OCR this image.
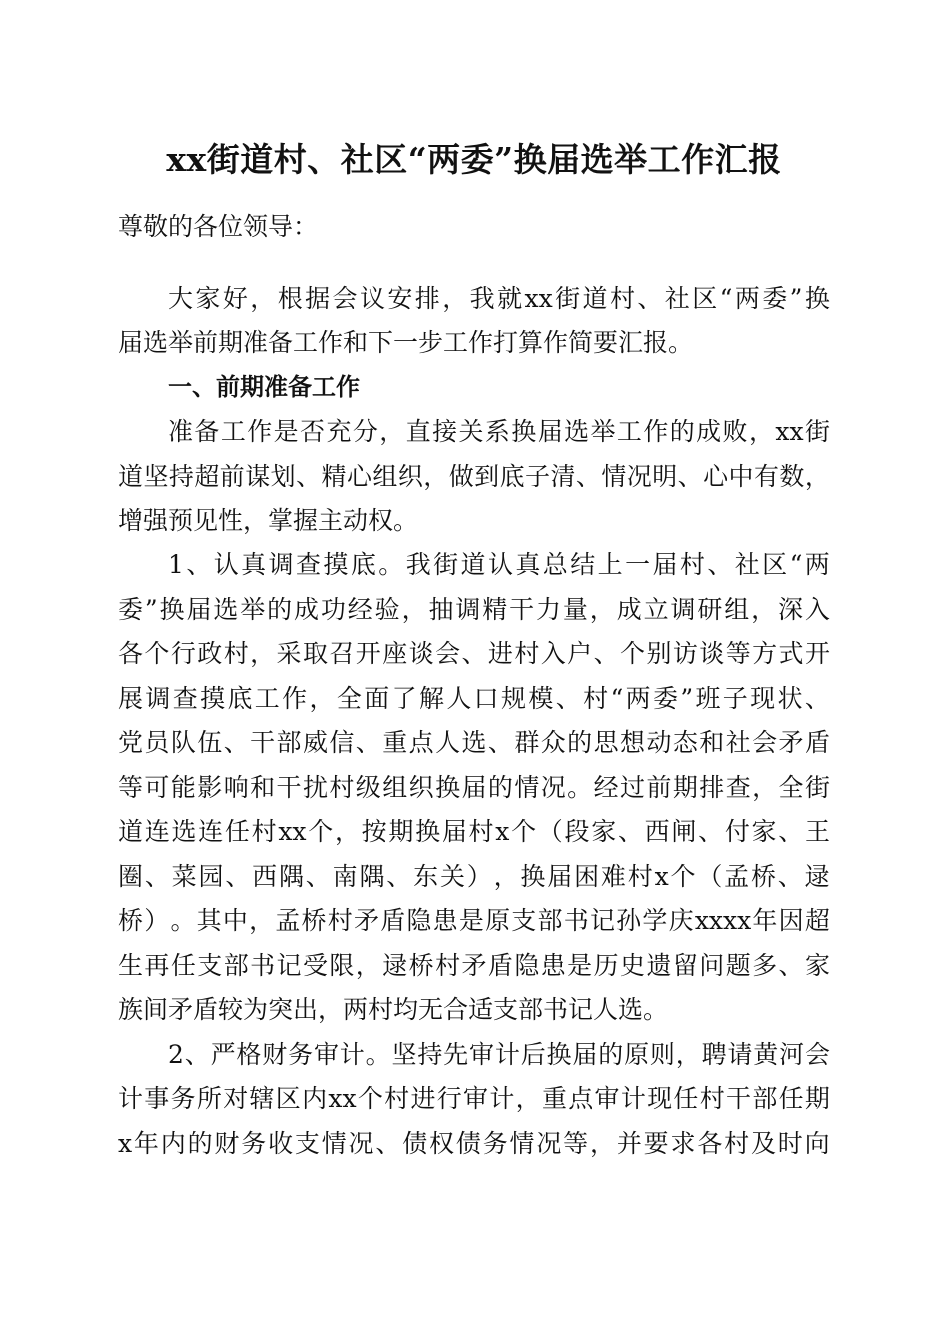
xx街道村、社区“两委”换届选举工作汇报
尊敬的各位领导：
大 家 好 ， 根 据 会 议 安 排 ， 我 就 xx 街 道 村 、 社 区 “ 两 委 ” 换
届选举前期准备工作和下一步工作打算作简要汇报。
一、前期准备工作
准 备 工 作 是 否 充 分 ， 直 接 关 系 换 届 选 举 工 作 的 成 败 ， xx 街
道 坚 持 超 前 谋 划 、 精 心 组 织 ， 做 到 底 子 清 、 情 况 明 、 心 中 有 数 ，
增强预见性，掌握主动权。
1 、 认 真 调 查 摸 底 。 我 街 道 认 真 总 结 上 一 届 村 、 社 区 “ 两
委 ” 换 届 选 举 的 成 功 经 验 ， 抽 调 精 干 力 量 ， 成 立 调 研 组 ， 深 入
各 个 行 政 村 ， 采 取 召 开 座 谈 会 、 进 村 入 户 、 个 别 访 谈 等 方 式 开
展 调 查 摸 底 工 作 ， 全 面 了 解 人 口 规 模 、 村 “ 两 委 ” 班 子 现 状 、
党 员 队 伍 、 干 部 威 信 、 重 点 人 选 、 群 众 的 思 想 动 态 和 社 会 矛 盾
等 可 能 影 响 和 干 扰 村 级 组 织 换 届 的 情 况 。 经 过 前 期 排 查 ， 全 街
道 连 选 连 任 村 xx 个 ， 按 期 换 届 村 x 个 （ 段 家 、 西 闸 、 付 家 、 王
圈 、 菜 园 、 西 隅 、 南 隅 、 东 关 ） ， 换 届 困 难 村 x 个 （ 孟 桥 、 逯
桥 ） 。 其 中 ， 孟 桥 村 矛 盾 隐 患 是 原 支 部 书 记 孙 学 庆 xxxx 年 因 超
生 再 任 支 部 书 记 受 限 ， 逯 桥 村 矛 盾 隐 患 是 历 史 遗 留 问 题 多 、 家
族间矛盾较为突出，两村均无合适支部书记人选。
2 、 严 格 财 务 审 计 。 坚 持 先 审 计 后 换 届 的 原 则 ， 聘 请 黄 河 会
计 事 务 所 对 辖 区 内 xx 个 村 进 行 审 计 ， 重 点 审 计 现 任 村 干 部 任 期
x 年 内 的 财 务 收 支 情 况 、 债 权 债 务 情 况 等 ， 并 要 求 各 村 及 时 向
